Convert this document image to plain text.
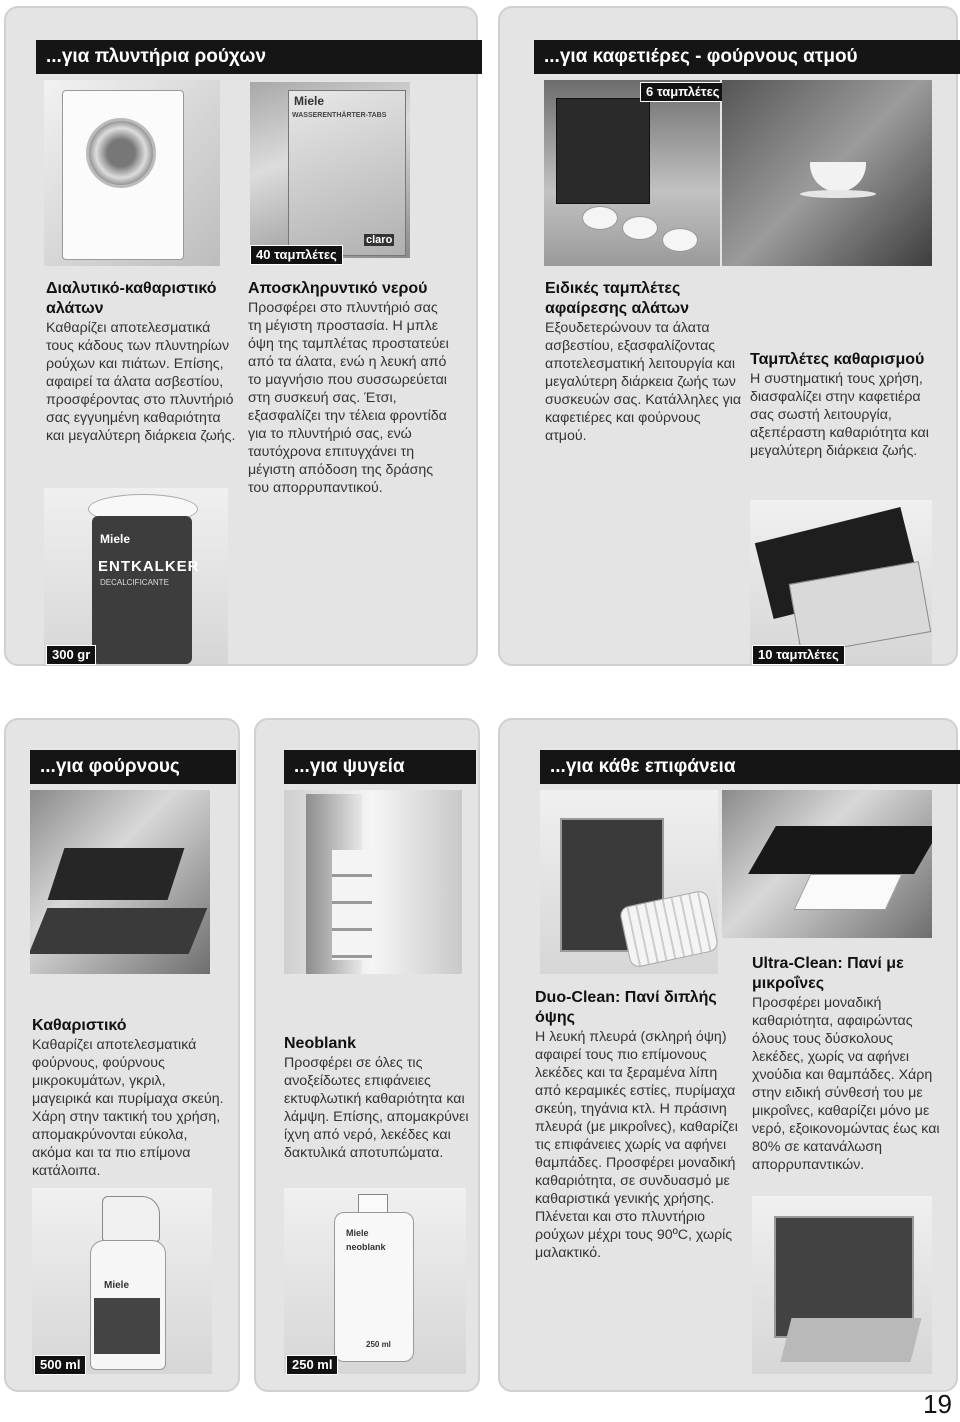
...για πλυντήρια ρούχων	...για καφετιέρες - φούρνους ατμού
Miele
WASSERENTHÄRTER-TABS
claro
40 ταμπλέτες
6 ταμπλέτες
Διαλυτικό-καθαριστικό αλάτων
Καθαρίζει αποτελεσματικά τους κάδους των πλυντηρίων ρούχων και πιάτων. Επίσης, αφαιρεί τα άλατα ασβεστίου, προσφέροντας στο πλυντήριό σας εγγυημένη καθαριότητα και μεγαλύτερη διάρκεια ζωής.
Αποσκληρυντικό νερού
Προσφέρει στο πλυντήριό σας τη μέγιστη προστασία. Η μπλε όψη της ταμπλέτας προστατεύει από τα άλατα, ενώ η λευκή από το μαγνήσιο που συσσωρεύεται στη συσκευή σας. Έτσι, εξασφαλίζει την τέλεια φροντίδα για το πλυντήριό σας, ενώ ταυτόχρονα επιτυγχάνει τη μέγιστη απόδοση της δράσης του απορρυπαντικού.
Miele
ENTKALKER
DECALCIFICANTE
300 gr
Ειδικές ταμπλέτες αφαίρεσης αλάτων
Εξουδετερώνουν τα άλατα ασβεστίου, εξασφαλίζοντας αποτελεσματική λειτουργία και μεγαλύτερη διάρκεια ζωής των συσκευών σας. Κατάλληλες για καφετιέρες και φούρνους ατμού.
Ταμπλέτες καθαρισμού
Η συστηματική τους χρήση, διασφαλίζει στην καφετιέρα σας σωστή λειτουργία, αξεπέραστη καθαριότητα και μεγαλύτερη διάρκεια ζωής.
10 ταμπλέτες
...για φούρνους	...για ψυγεία	...για κάθε επιφάνεια
Καθαριστικό
Καθαρίζει αποτελεσματικά φούρνους, φούρνους μικροκυμάτων, γκριλ, μαγειρικά και πυρίμαχα σκεύη. Χάρη στην τακτική του χρήση, απομακρύνονται εύκολα, ακόμα και τα πιο επίμονα κατάλοιπα.
Neoblank
Προσφέρει σε όλες τις ανοξείδωτες επιφάνειες εκτυφλωτική καθαριότητα και λάμψη. Επίσης, απομακρύνει ίχνη από νερό, λεκέδες και δακτυλικά αποτυπώματα.
Duo-Clean: Πανί διπλής όψης
Η λευκή πλευρά (σκληρή όψη) αφαιρεί τους πιο επίμονους λεκέδες και τα ξεραμένα λίπη από κεραμικές εστίες, πυρίμαχα σκεύη, τηγάνια κτλ. Η πράσινη πλευρά (με μικροΐνες), καθαρίζει τις επιφάνειες χωρίς να αφήνει θαμπάδες. Προσφέρει μοναδική καθαριότητα, σε συνδυασμό με καθαριστικά γενικής χρήσης. Πλένεται και στο πλυντήριο ρούχων μέχρι τους 90ºC, χωρίς μαλακτικό.
Ultra-Clean: Πανί με μικροΐνες
Προσφέρει μοναδική καθαριότητα, αφαιρώντας όλους τους δύσκολους λεκέδες, χωρίς να αφήνει χνούδια και θαμπάδες. Χάρη στην ειδική σύνθεσή του με μικροΐνες, καθαρίζει μόνο με νερό, εξοικονομώντας έως και 80% σε κατανάλωση απορρυπαντικών.
Miele
500 ml
Miele
neoblank
250 ml
250 ml
19
